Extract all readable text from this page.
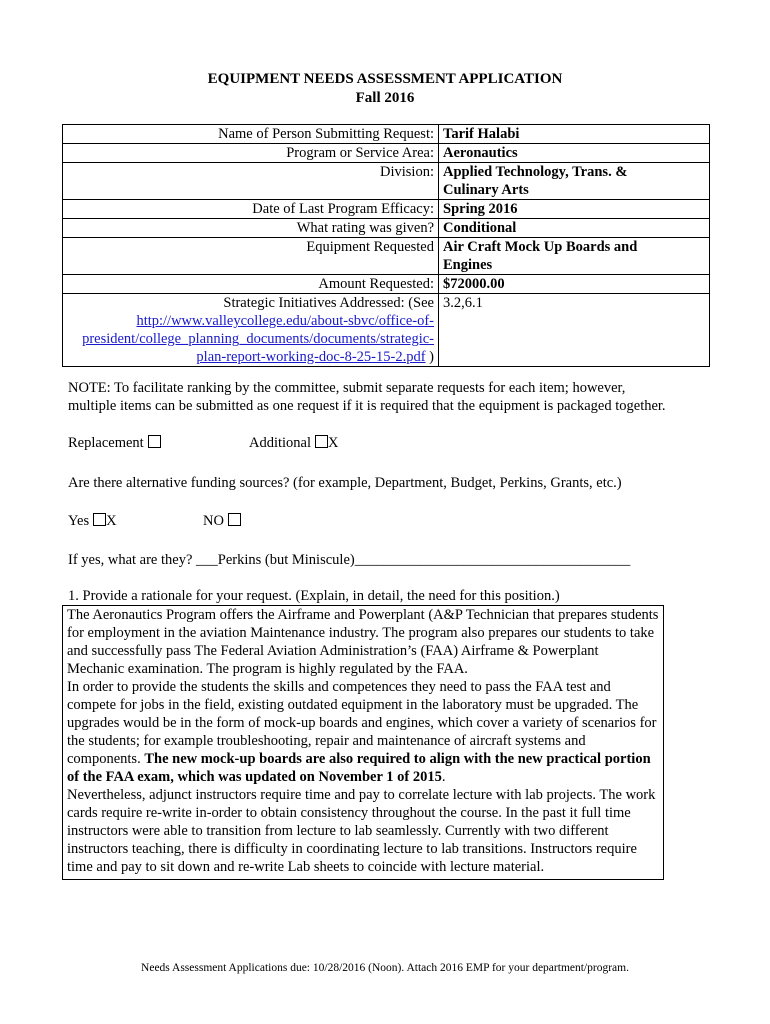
EQUIPMENT NEEDS ASSESSMENT APPLICATION
Fall 2016
Name of Person Submitting Request:	Tarif Halabi
Program or Service Area:	Aeronautics
Division:	Applied Technology, Trans. &
Culinary Arts

Date of Last Program Efficacy:	Spring 2016
What rating was given?	Conditional
Equipment Requested	Air Craft Mock Up Boards and
Engines

Amount Requested:	$72000.00

Strategic Initiatives Addressed: (See
http://www.valleycollege.edu/about-sbvc/office-of-
president/college_planning_documents/documents/strategic-
plan-report-working-doc-8-25-15-2.pdf )	3.2,6.1
NOTE: To facilitate ranking by the committee, submit separate requests for each item; however,
multiple items can be submitted as one request if it is required that the equipment is packaged together.
Replacement	Additional X
Are there alternative funding sources? (for example, Department, Budget, Perkins, Grants, etc.)
Yes X	NO
If yes, what are they? ___Perkins (but Miniscule)______________________________________
1. Provide a rationale for your request. (Explain, in detail, the need for this position.)
The Aeronautics Program offers the Airframe and Powerplant (A&P Technician that prepares students for employment in the aviation Maintenance industry. The program also prepares our students to take and successfully pass The Federal Aviation Administration’s (FAA) Airframe & Powerplant Mechanic examination. The program is highly regulated by the FAA.
In order to provide the students the skills and competences they need to pass the FAA test and compete for jobs in the field, existing outdated equipment in the laboratory must be upgraded. The upgrades would be in the form of mock-up boards and engines, which cover a variety of scenarios for the students; for example troubleshooting, repair and maintenance of aircraft systems and components. The new mock-up boards are also required to align with the new practical portion of the FAA exam, which was updated on November 1 of 2015.
Nevertheless, adjunct instructors require time and pay to correlate lecture with lab projects. The work cards require re-write in-order to obtain consistency throughout the course. In the past it full time instructors were able to transition from lecture to lab seamlessly. Currently with two different instructors teaching, there is difficulty in coordinating lecture to lab transitions. Instructors require time and pay to sit down and re-write Lab sheets to coincide with lecture material.
Needs Assessment Applications due: 10/28/2016 (Noon). Attach 2016 EMP for your department/program.
